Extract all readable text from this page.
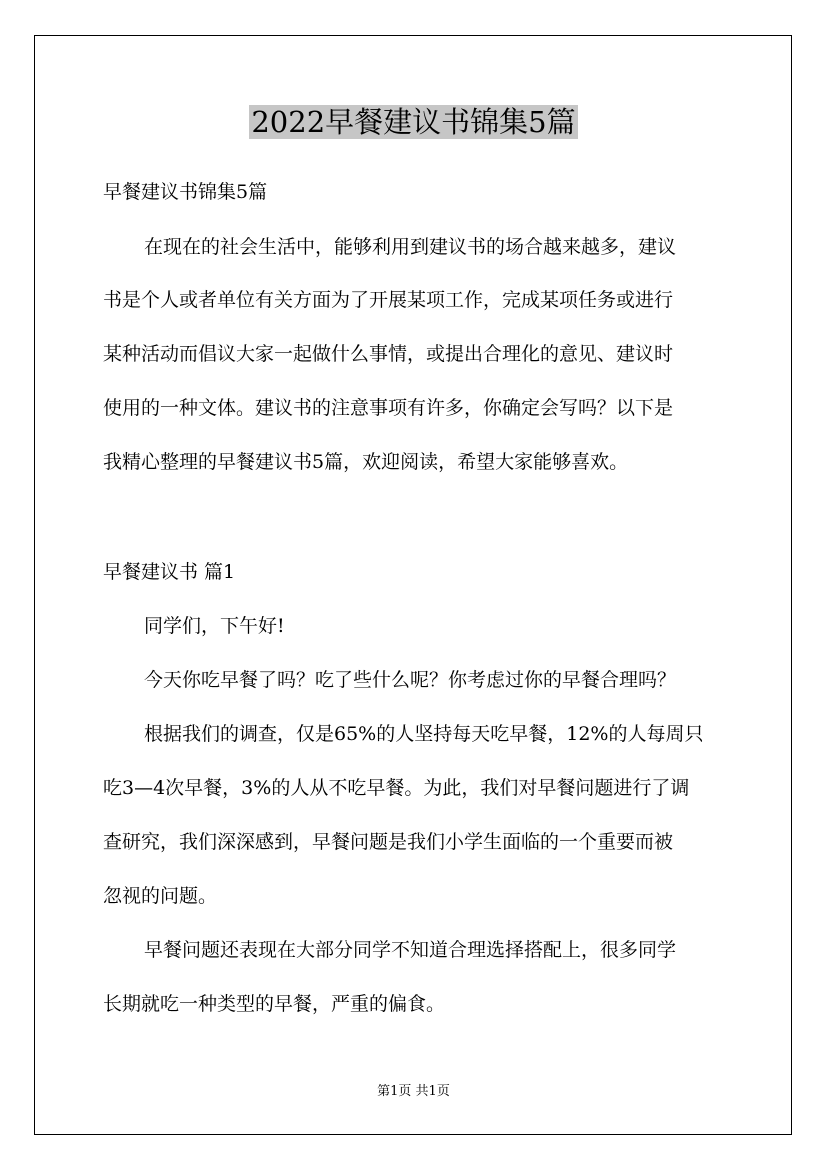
2022早餐建议书锦集5篇
早餐建议书锦集5篇
在现在的社会生活中，能够利用到建议书的场合越来越多，建议
书是个人或者单位有关方面为了开展某项工作，完成某项任务或进行
某种活动而倡议大家一起做什么事情，或提出合理化的意见、建议时
使用的一种文体。建议书的注意事项有许多，你确定会写吗？以下是
我精心整理的早餐建议书5篇，欢迎阅读，希望大家能够喜欢。
早餐建议书 篇1
同学们，下午好!
今天你吃早餐了吗？吃了些什么呢？你考虑过你的早餐合理吗？
根据我们的调查，仅是65%的人坚持每天吃早餐，12%的人每周只
吃3—4次早餐，3%的人从不吃早餐。为此，我们对早餐问题进行了调
查研究，我们深深感到，早餐问题是我们小学生面临的一个重要而被
忽视的问题。
早餐问题还表现在大部分同学不知道合理选择搭配上，很多同学
长期就吃一种类型的早餐，严重的偏食。
第1页 共1页
